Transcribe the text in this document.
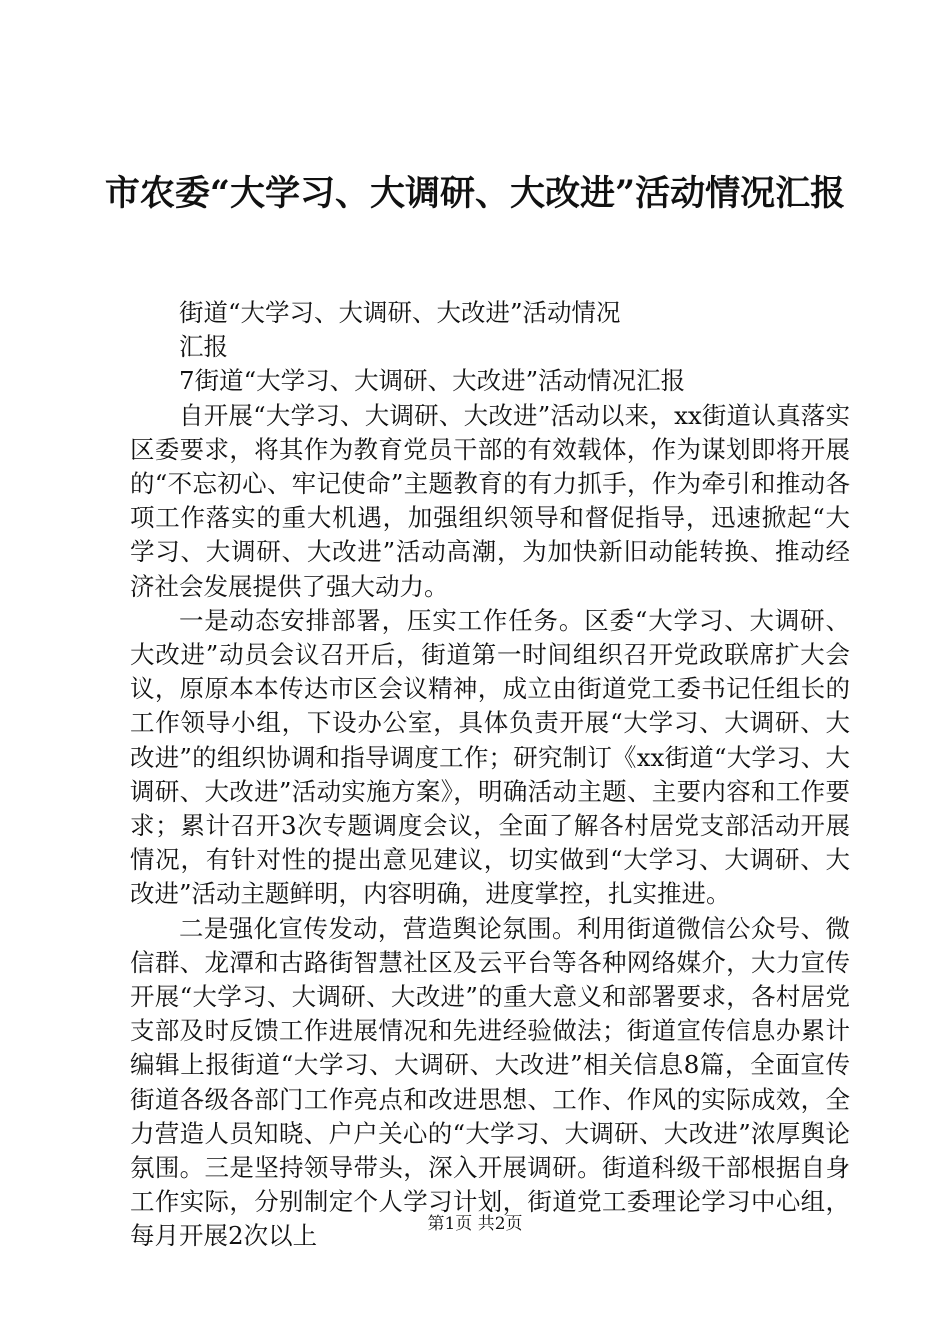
市农委“大学习、大调研、大改进”活动情况汇报

街道“大学习、大调研、大改进”活动情况

汇报

7街道“大学习、大调研、大改进”活动情况汇报

自开展“大学习、大调研、大改进”活动以来，xx街道认真落实区委要求，将其作为教育党员干部的有效载体，作为谋划即将开展的“不忘初心、牢记使命”主题教育的有力抓手，作为牵引和推动各项工作落实的重大机遇，加强组织领导和督促指导，迅速掀起“大学习、大调研、大改进”活动高潮，为加快新旧动能转换、推动经济社会发展提供了强大动力。

一是动态安排部署，压实工作任务。区委“大学习、大调研、大改进”动员会议召开后，街道第一时间组织召开党政联席扩大会议，原原本本传达市区会议精神，成立由街道党工委书记任组长的工作领导小组，下设办公室，具体负责开展“大学习、大调研、大改进”的组织协调和指导调度工作；研究制订《xx街道“大学习、大调研、大改进”活动实施方案》，明确活动主题、主要内容和工作要求；累计召开3次专题调度会议，全面了解各村居党支部活动开展情况，有针对性的提出意见建议，切实做到“大学习、大调研、大改进”活动主题鲜明，内容明确，进度掌控，扎实推进。

二是强化宣传发动，营造舆论氛围。利用街道微信公众号、微信群、龙潭和古路街智慧社区及云平台等各种网络媒介，大力宣传开展“大学习、大调研、大改进”的重大意义和部署要求，各村居党支部及时反馈工作进展情况和先进经验做法；街道宣传信息办累计编辑上报街道“大学习、大调研、大改进”相关信息8篇，全面宣传街道各级各部门工作亮点和改进思想、工作、作风的实际成效，全力营造人员知晓、户户关心的“大学习、大调研、大改进”浓厚舆论氛围。三是坚持领导带头，深入开展调研。街道科级干部根据自身工作实际，分别制定个人学习计划，街道党工委理论学习中心组，每月开展2次以上	第1页 共2页
